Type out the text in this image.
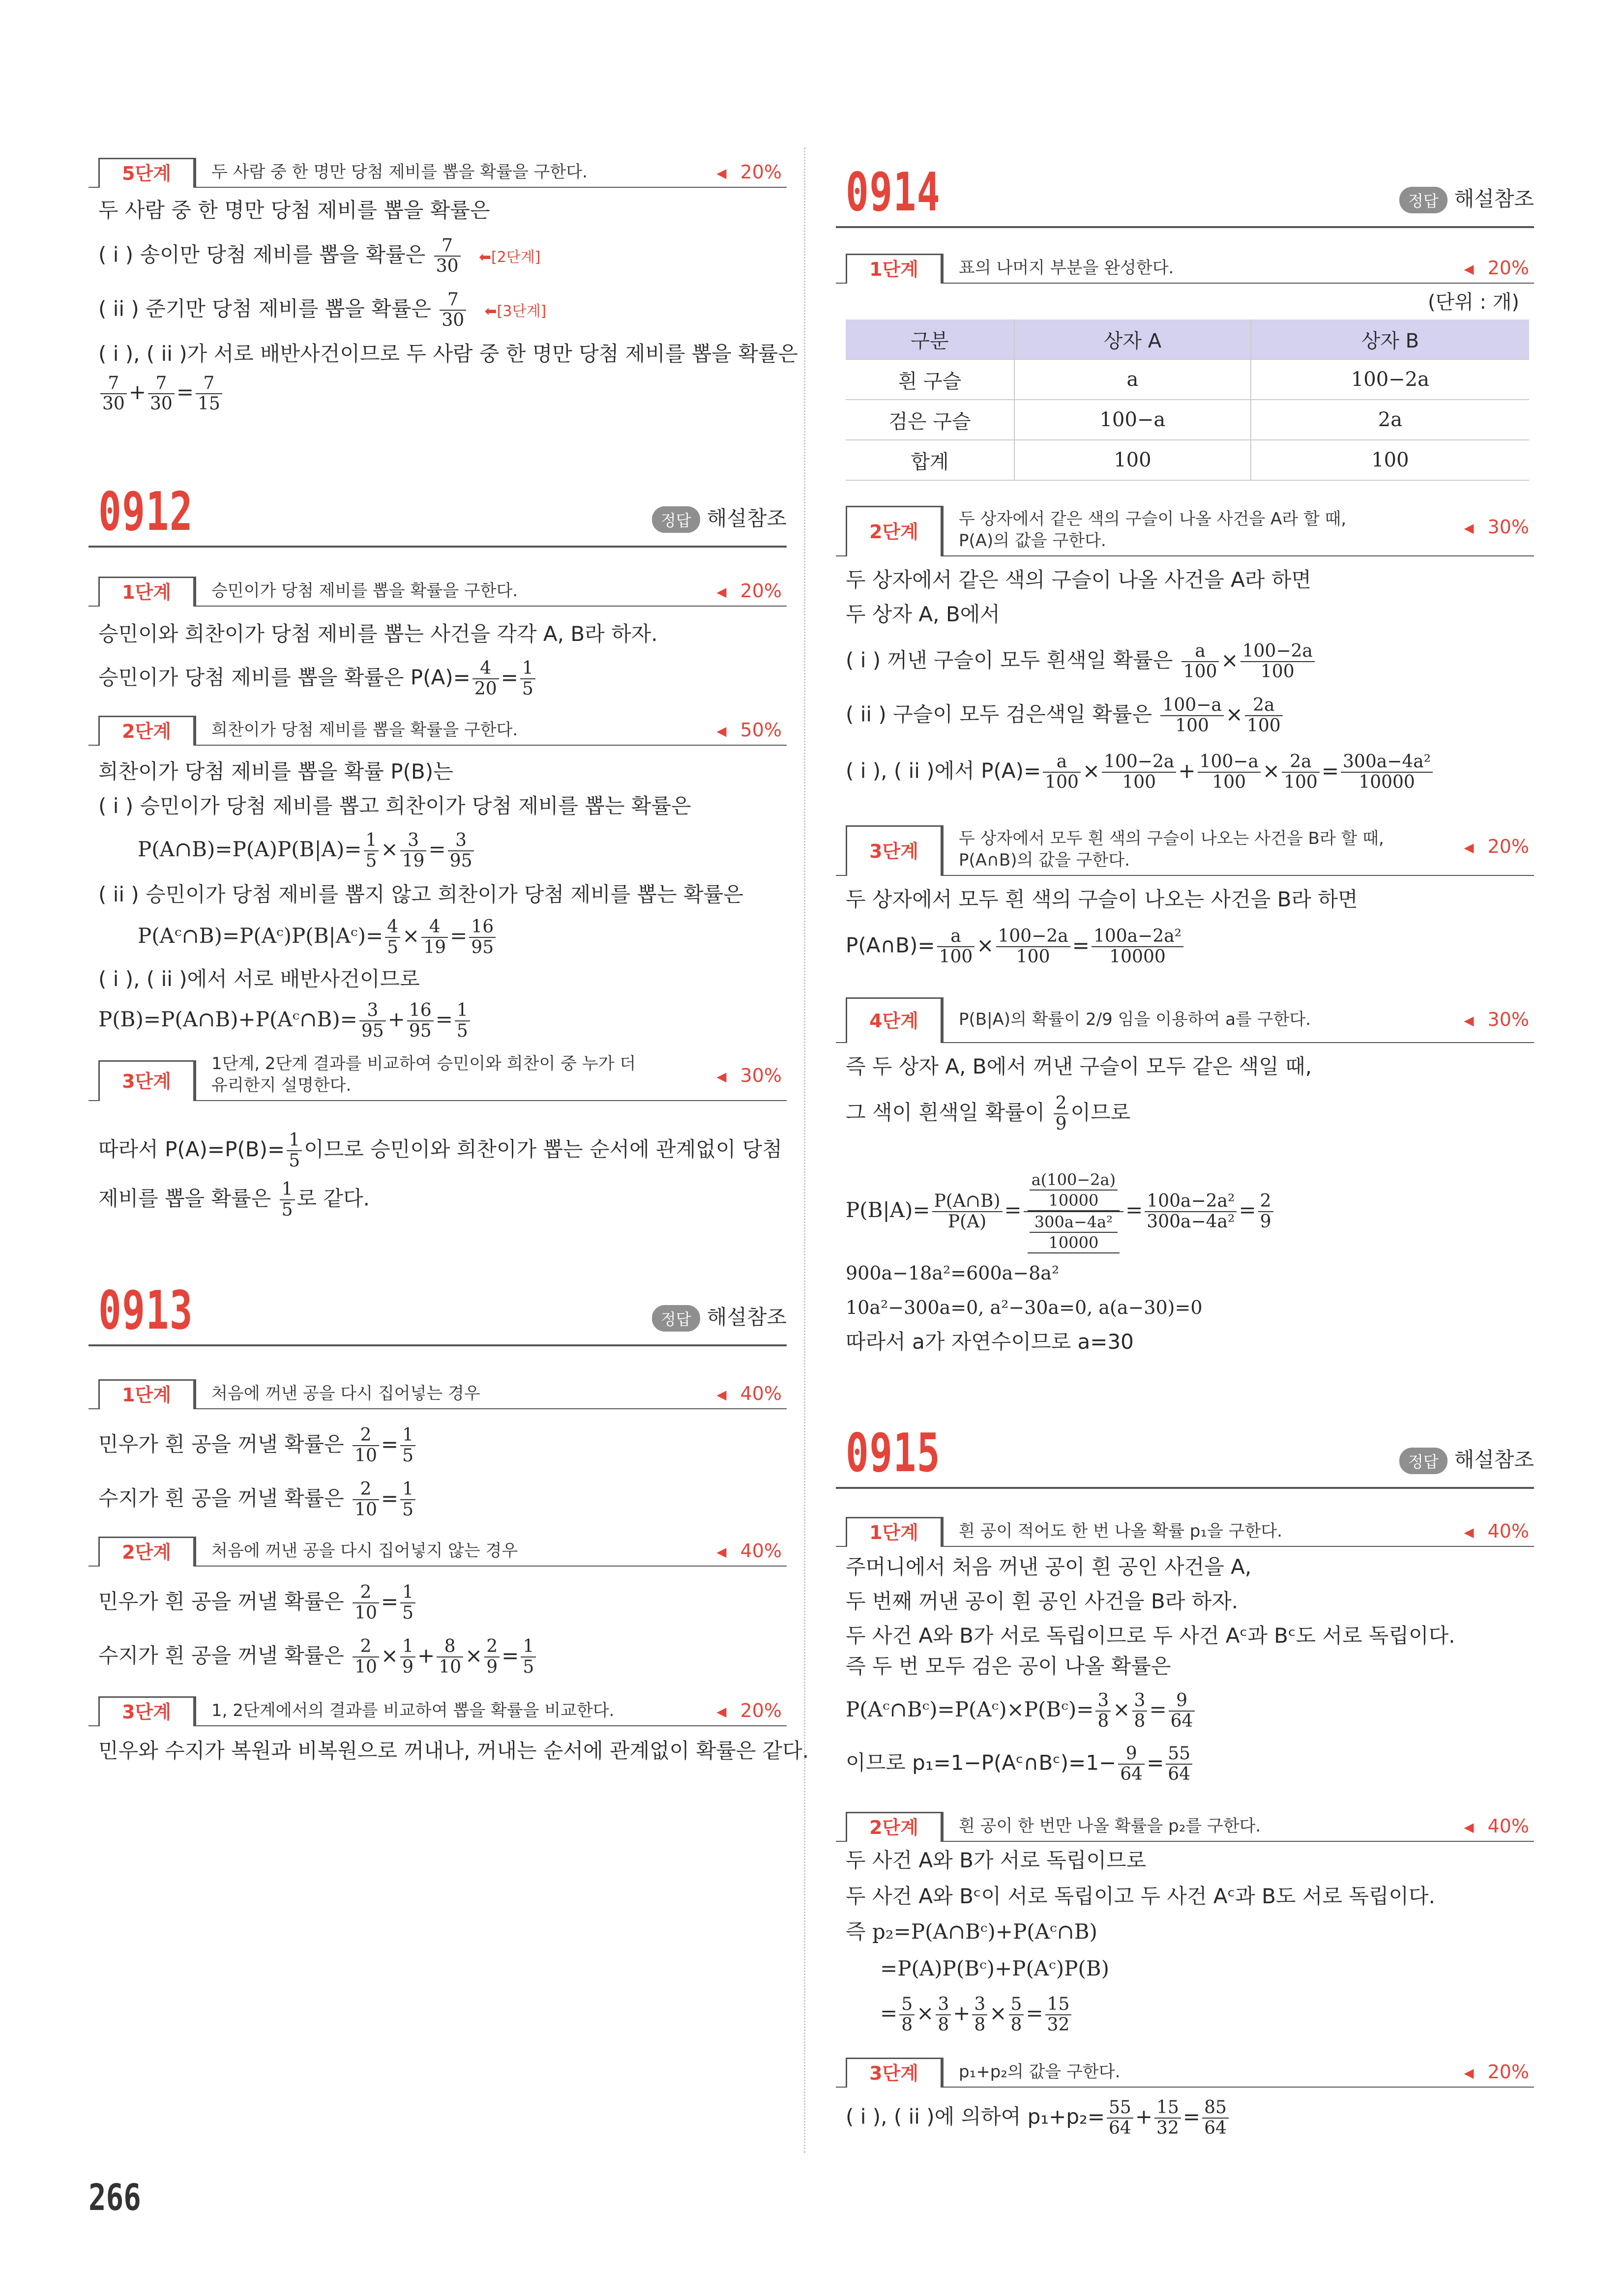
5단계	두 사람 중 한 명만 당첨 제비를 뽑을 확률을 구한다.	◀ 20%
두 사람 중 한 명만 당첨 제비를 뽑을 확률은
( i ) 송이만 당첨 제비를 뽑을 확률은 $\frac{7}{30}$ ⬅[2단계]
( ii ) 준기만 당첨 제비를 뽑을 확률은 $\frac{7}{30}$ ⬅[3단계]
( i ), ( ii )가 서로 배반사건이므로 두 사람 중 한 명만 당첨 제비를 뽑을 확률은
$\frac{7}{30} + \frac{7}{30} = \frac{7}{15}$
0912	정답 해설참조
1단계	승민이가 당첨 제비를 뽑을 확률을 구한다.	◀ 20%
승민이와 희찬이가 당첨 제비를 뽑는 사건을 각각 A, B라 하자.
승민이가 당첨 제비를 뽑을 확률은 $P(A)= \frac{4}{20} = \frac{1}{5}$
2단계	희찬이가 당첨 제비를 뽑을 확률을 구한다.	◀ 50%
희찬이가 당첨 제비를 뽑을 확률 P(B)는
( i ) 승민이가 당첨 제비를 뽑고 희찬이가 당첨 제비를 뽑는 확률은
P(A∩B)=P(A)P(B|A)= $\frac{1}{5} \times \frac{3}{19} = \frac{3}{95}$
( ii ) 승민이가 당첨 제비를 뽑지 않고 희찬이가 당첨 제비를 뽑는 확률은
P(Aᶜ∩B)=P(Aᶜ)P(B|Aᶜ)= $\frac{4}{5} \times \frac{4}{19} = \frac{16}{95}$
( i ), ( ii )에서 서로 배반사건이므로
P(B)=P(A∩B)+P(Aᶜ∩B)= $\frac{3}{95} + \frac{16}{95} = \frac{1}{5}$
3단계
1단계, 2단계 결과를 비교하여 승민이와 희찬이 중 누가 더
유리한지 설명한다.	◀ 30%
따라서 $P(A)=P(B)= \frac{1}{5}$ 이므로 승민이와 희찬이가 뽑는 순서에 관계없이 당첨
제비를 뽑을 확률은 $\frac{1}{5}$ 로 같다.
0913	정답 해설참조
1단계	처음에 꺼낸 공을 다시 집어넣는 경우	◀ 40%
민우가 흰 공을 꺼낼 확률은 $\frac{2}{10} = \frac{1}{5}$
수지가 흰 공을 꺼낼 확률은 $\frac{2}{10} = \frac{1}{5}$
2단계	처음에 꺼낸 공을 다시 집어넣지 않는 경우	◀ 40%
민우가 흰 공을 꺼낼 확률은 $\frac{2}{10} = \frac{1}{5}$
수지가 흰 공을 꺼낼 확률은 $\frac{2}{10} \times \frac{1}{9} + \frac{8}{10} \times \frac{2}{9} = \frac{1}{5}$
3단계	1, 2단계에서의 결과를 비교하여 뽑을 확률을 비교한다.	◀ 20%
민우와 수지가 복원과 비복원으로 꺼내나, 꺼내는 순서에 관계없이 확률은 같다.
0914	정답 해설참조
1단계	표의 나머지 부분을 완성한다.	◀ 20%
(단위 : 개)
구분	상자 A	상자 B
흰 구슬	a	100−2a
검은 구슬	100−a	2a
합계	100	100
2단계
두 상자에서 같은 색의 구슬이 나올 사건을 A라 할 때,
P(A)의 값을 구한다.
◀ 30%
두 상자에서 같은 색의 구슬이 나올 사건을 A라 하면
두 상자 A, B에서
( i ) 꺼낸 구슬이 모두 흰색일 확률은 $\frac{a}{100} \times \frac{100-2a}{100}$
( ii ) 구슬이 모두 검은색일 확률은 $\frac{100-a}{100} \times \frac{2a}{100}$
( i ), ( ii )에서 $P(A)= \frac{a}{100} \times \frac{100-2a}{100} + \frac{100-a}{100} \times \frac{2a}{100} = \frac{\text{300a−4a²}}{10000}$
3단계
두 상자에서 모두 흰 색의 구슬이 나오는 사건을 B라 할 때,
P(A∩B)의 값을 구한다.
◀ 20%
두 상자에서 모두 흰 색의 구슬이 나오는 사건을 B라 하면
P(A∩B)= $\frac{a}{100} \times \frac{100-2a}{100} = \frac{\text{100a−2a²}}{10000}$
4단계	P(B|A)의 확률이 2/9 임을 이용하여 a를 구한다.	◀ 30%
즉 두 상자 A, B에서 꺼낸 구슬이 모두 같은 색일 때,
그 색이 흰색일 확률이 $\frac{2}{9}$ 이므로
$P(B|A)= \frac{P(A\cap B)}{P(A)} = a(100-2a)$
10000
300a−4a²
$10000 = \frac{\text{100a−2a²}}{\text{300a−4a²}} = \frac{2}{9}$
900a−18a²=600a−8a²
10a²−300a=0, a²−30a=0, a(a−30)=0
따라서 a가 자연수이므로 a=30
0915	정답 해설참조
1단계	흰 공이 적어도 한 번 나올 확률 p₁을 구한다.	◀ 40%
주머니에서 처음 꺼낸 공이 흰 공인 사건을 A,
두 번째 꺼낸 공이 흰 공인 사건을 B라 하자.
두 사건 A와 B가 서로 독립이므로 두 사건 Aᶜ과 Bᶜ도 서로 독립이다.
즉 두 번 모두 검은 공이 나올 확률은
P(Aᶜ∩Bᶜ)=P(Aᶜ)×P(Bᶜ)= $\frac{3}{8} \times \frac{3}{8} = \frac{9}{64}$
이므로 p₁=1−P(Aᶜ∩Bᶜ)=1− $\frac{9}{64} = \frac{55}{64}$
2단계	흰 공이 한 번만 나올 확률을 p₂를 구한다.	◀ 40%
두 사건 A와 B가 서로 독립이므로
두 사건 A와 Bᶜ이 서로 독립이고 두 사건 Aᶜ과 B도 서로 독립이다.
즉 p₂=P(A∩Bᶜ)+P(Aᶜ∩B)
=P(A)P(Bᶜ)+P(Aᶜ)P(B)
= $\frac{5}{8} \times \frac{3}{8} + \frac{3}{8} \times \frac{5}{8} = \frac{15}{32}$
3단계	p₁+p₂의 값을 구한다.	◀ 20%
( i ), ( ii )에 의하여 $p_1+p_2= \frac{55}{64} + \frac{15}{32} = \frac{85}{64}$
266
